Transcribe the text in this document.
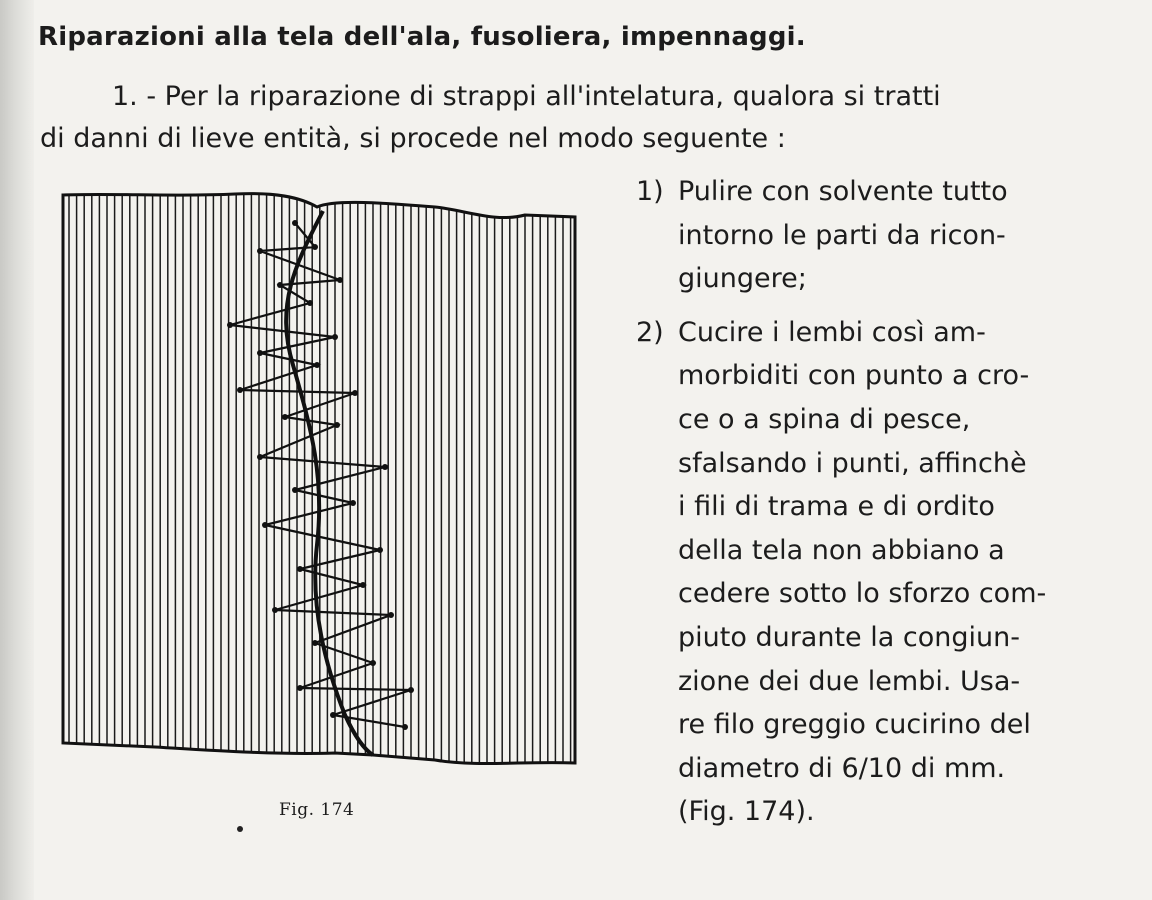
Riparazioni alla tela dell'ala, fusoliera, impennaggi.
1. - Per la riparazione di strappi all'intelatura, qualora si tratti
di danni di lieve entità, si procede nel modo seguente :
Fig. 174
1) Pulire con solvente tutto
intorno le parti da ricon-
giungere;
2) Cucire i lembi così am-
morbiditi con punto a cro-
ce o a spina di pesce,
sfalsando i punti, affinchè
i fili di trama e di ordito
della tela non abbiano a
cedere sotto lo sforzo com-
piuto durante la congiun-
zione dei due lembi. Usa-
re filo greggio cucirino del
diametro di 6/10 di mm.
(Fig. 174).
